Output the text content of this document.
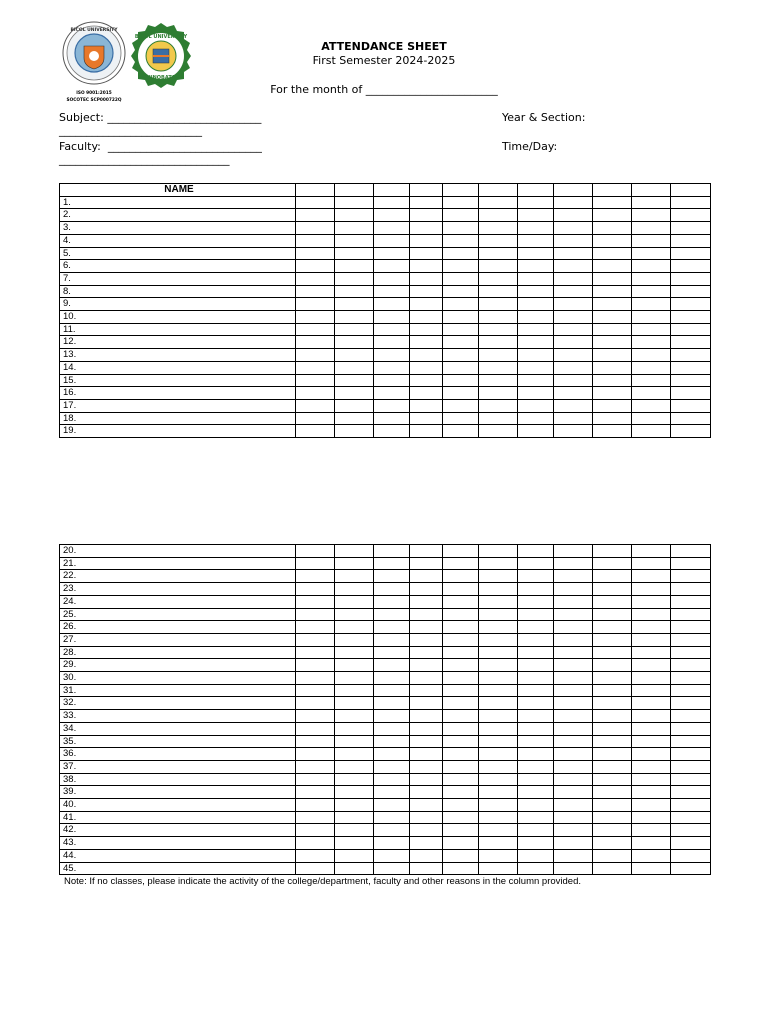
BICOL UNIVERSITY
BICOL UNIVERSITY
GUINOBATAN
ISO 9001:2015
SOCOTEC SCP000722Q
ATTENDANCE SHEET
First Semester 2024-2025
For the month of ________________________
Subject: ____________________________
__________________________
Year & Section:
Faculty:  ____________________________
_______________________________
Time/Day:
NAME											
1.											
2.											
3.											
4.											
5.											
6.											
7.											
8.											
9.											
10.											
11.											
12.											
13.											
14.											
15.											
16.											
17.											
18.											
19.											
20.											
21.											
22.											
23.											
24.											
25.											
26.											
27.											
28.											
29.											
30.											
31.											
32.											
33.											
34.											
35.											
36.											
37.											
38.											
39.											
40.											
41.											
42.											
43.											
44.											
45.											
Note: If no classes, please indicate the activity of the college/department, faculty and other reasons in the column provided.
